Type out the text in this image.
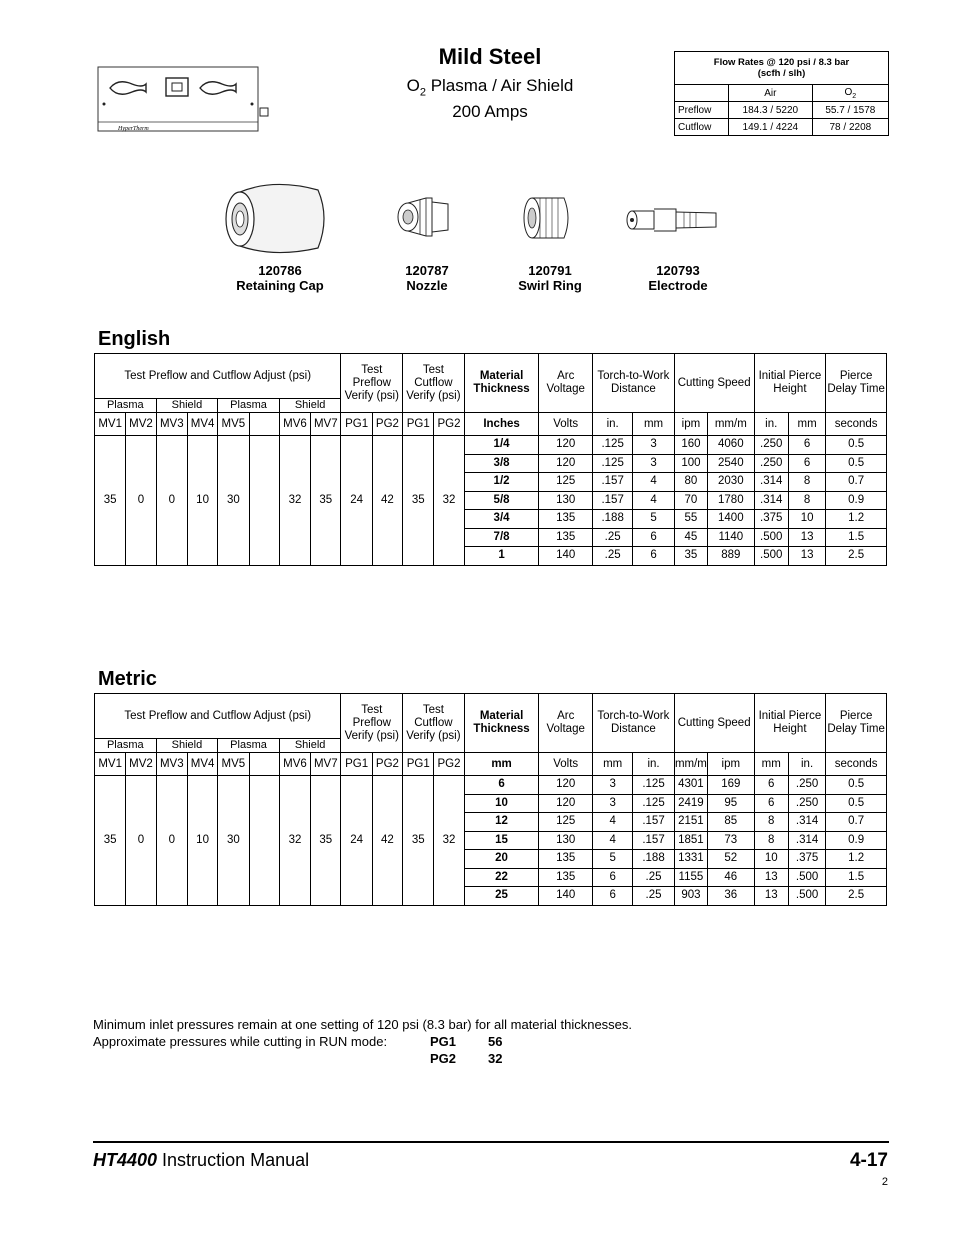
HyperTherm
Mild Steel
$O_2$ Plasma / Air Shield
200 Amps
Flow Rates @ 120 psi / 8.3 bar
(scfh / slh)		
	Air	$O_2$
Preflow	184.3 / 5220	55.7 / 1578
Cutflow	149.1 / 4224	78 / 2208
120786
Retaining Cap
120787
Nozzle
120791
Swirl Ring
120793
Electrode
English
Test Preflow and Cutflow Adjust (psi)								Test Preflow Verify (psi)		Test Cutflow Verify (psi)		Material Thickness	Arc Voltage	Torch-to-Work Distance		Cutting Speed		Initial Pierce Height		Pierce Delay Time
Plasma		Shield		Plasma		Shield														
MV1	MV2	MV3	MV4	MV5		MV6	MV7	PG1	PG2	PG1	PG2	Inches	Volts	in.	mm	ipm	mm/m	in.	mm	seconds
35	0	0	10	30		32	35	24	42	35	32	1/4	120	.125	3	160	4060	.250	6	0.5
												3/8	120	.125	3	100	2540	.250	6	0.5
												1/2	125	.157	4	80	2030	.314	8	0.7
												5/8	130	.157	4	70	1780	.314	8	0.9
												3/4	135	.188	5	55	1400	.375	10	1.2
												7/8	135	.25	6	45	1140	.500	13	1.5
												1	140	.25	6	35	889	.500	13	2.5
Metric
Test Preflow and Cutflow Adjust (psi)								Test Preflow Verify (psi)		Test Cutflow Verify (psi)		Material Thickness	Arc Voltage	Torch-to-Work Distance		Cutting Speed		Initial Pierce Height		Pierce Delay Time
Plasma		Shield		Plasma		Shield														
MV1	MV2	MV3	MV4	MV5		MV6	MV7	PG1	PG2	PG1	PG2	mm	Volts	mm	in.	mm/m	ipm	mm	in.	seconds
35	0	0	10	30		32	35	24	42	35	32	6	120	3	.125	4301	169	6	.250	0.5
												10	120	3	.125	2419	95	6	.250	0.5
												12	125	4	.157	2151	85	8	.314	0.7
												15	130	4	.157	1851	73	8	.314	0.9
												20	135	5	.188	1331	52	10	.375	1.2
												22	135	6	.25	1155	46	13	.500	1.5
												25	140	6	.25	903	36	13	.500	2.5
Minimum inlet pressures remain at one setting of 120 psi (8.3 bar) for all material thicknesses.
Approximate pressures while cutting in RUN mode:	PG1 56
PG2 32
HT4400 Instruction Manual	4-17
2
